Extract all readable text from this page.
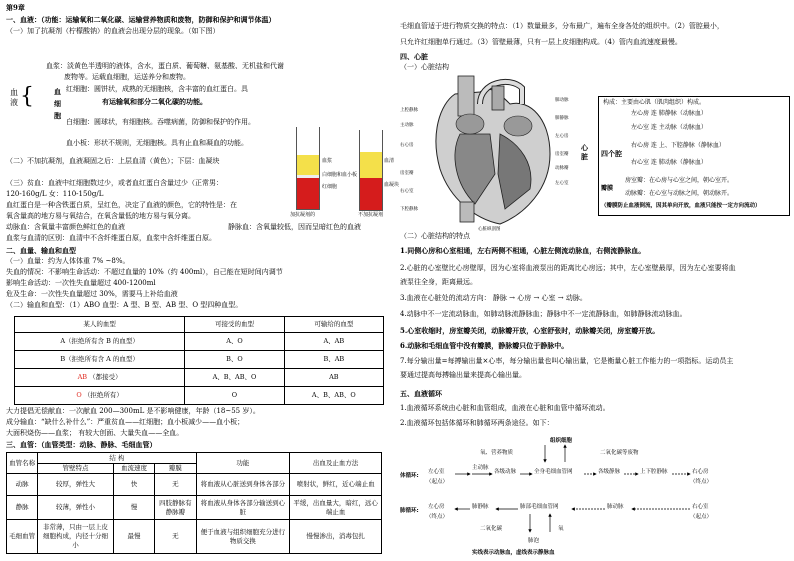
第9章
一、血液：（功能：运输氧和二氧化碳、运输营养物质和废物，防御和保护和调节体温）
（一）加了抗凝剂（柠檬酸钠）的血液会出现分层的现象。（如下图）
血液 {
血浆：淡黄色半透明的液体，含水，蛋白质、葡萄糖、氨基酸、无机盐和代谢
废物等。运载血细胞，运送养分和废物。
血细胞
红细胞：圆饼状，成熟的无细胞核，含丰富的血红蛋白。具
有运输氧和部分二氧化碳的功能。
白细胞：圆球状，有细胞核。吞噬病菌，防御和保护的作用。
血小板：形状不规则，无细胞核。具有止血和凝血的功能。
（二）不加抗凝剂，血液凝固之后：上层血清（黄色）；下层：血凝块
（三）贫血：血液中红细胞数过少，或者血红蛋白含量过少（正常男：
120-160g/L 女：110-150g/L
血红蛋白是一种含铁蛋白质，呈红色，决定了血液的颜色，它的特性是：在
氧含量高的地方易与氧结合，在氧含量低的地方易与氧分离。
动脉血：含氧量丰富颜色鲜红色的血液	静脉血：含氧量较低，因而呈暗红色的血液
血浆与血清的区别：血清中不含纤维蛋白原，血浆中含纤维蛋白原。
二、血量、输血和血型
（一）血量：约为人体体重 7% ~8%。
失血的情况：不影响生命活动：不超过血量的 10%（约 400ml），自己能在短时间内调节
影响生命活动：一次性失血量超过 400-1200ml
危及生命：一次性失血量超过 30%，需要马上补给血液
（二）输血和血型：（1）ABO 血型：A 型、B 型、AB 型、O 型四种血型。
某人的血型	可接受的血型	可输给的血型
A（拒绝所有含 B 的血型）	A、O	A、AB
B（拒绝所有含 A 的血型）	B、O	B、AB
AB （都接受）	A、B、AB、O	AB
O （拒绝所有）	O	A、B、AB、O
大力提倡无偿献血：一次献血 200—300mL 是不影响健康，年龄（18~55 岁）。
成分输血：“缺什么补什么”：严重贫血——红细胞；血小板减少——血小板；
大面积烧伤——血浆； 有较大创面、大量失血——全血。
三、血管：（血管类型：动脉、静脉、毛细血管）
血管名称	结 构			功能	出血及止血方法
	管壁特点	血流速度	瓣膜		
动脉	较厚，弹性大	快	无	将血液从心脏送到身体各部分	喷射状，鲜红，近心端止血
静脉	较薄，弹性小	慢	四肢静脉有静脉瓣	将血液从身体各部分输送到心脏	平缓，出血量大，暗红，远心端止血
毛细血管	非常薄，只由一层上皮细胞构成，内径十分细小	最慢	无	便于血液与组织细胞充分进行物质交换	慢慢渗出，消毒包扎
血浆
白细胞和血小板
红细胞
加抗凝剂的
血清
血凝块
不加抗凝剂
毛细血管适于进行物质交换的特点：（1）数量最多，分布最广，遍布全身各处的组织中。（2）管腔最小，
只允许红细胞单行通过。（3）管壁最薄，只有一层上皮细胞构成。（4）管内血流速度最慢。
四、心脏
（一）心脏结构
上腔静脉
主动脉
右心房
房室瓣
右心室
下腔静脉
肺动脉
肺静脉
左心房
房室瓣
左心室
动脉瓣
心脏纵剖图
构成：主要由心肌（肌肉组织）构成。
四个腔
心脏
左心房 连 肺静脉（动脉血）
左心室 连 主动脉（动脉血）
右心房 连 上、下腔静脉（静脉血）
右心室 连 肺动脉（静脉血）
瓣膜
房室瓣：在心房与心室之间，朝心室开。
动脉瓣：在心室与动脉之间，朝动脉开。
（瓣膜防止血液倒流，因其单向开放，血液只能按一定方向流动）
（二）心脏结构的特点
1.同侧心房和心室相通，左右两侧不相通，心脏左侧流动脉血，右侧流静脉血。
2.心脏的心室壁比心房壁厚，因为心室将血液泵出的距离比心房远；其中，左心室壁最厚，因为左心室要将血
液泵往全身，距离最远。
3.血液在心脏处的流动方向： 静脉 → 心房 → 心室 → 动脉。
4.动脉中不一定流动脉血，如肺动脉流静脉血；静脉中不一定流静脉血，如肺静脉流动脉血。
5.心室收缩时，房室瓣关闭，动脉瓣开放，心室舒张时，动脉瓣关闭，房室瓣开放。
6.动脉和毛细血管中没有瓣膜，静脉瓣只位于静脉中。
7.每分输出量=每搏输出量×心率，每分输出量也叫心输出量，它是衡量心脏工作能力的一项指标。运动员主
要通过提高每搏输出量来提高心输出量。
五、血液循环
1.血液循环系统由心脏和血管组成，血液在心脏和血管中循环流动。
2.血液循环包括体循环和肺循环两条途径。如下：
组织细胞
氧、营养物质	二氧化碳等废物
体循环:
左心室
（起点）
主动脉
各级动脉	全身毛细血管网	各级静脉	上下腔静脉	右心房
（终点）
肺循环:
左心房
（终点）
肺静脉	肺部毛细血管网	肺动脉	右心室
（起点）
二氧化碳	氧
肺泡
实线表示动脉血，虚线表示静脉血
